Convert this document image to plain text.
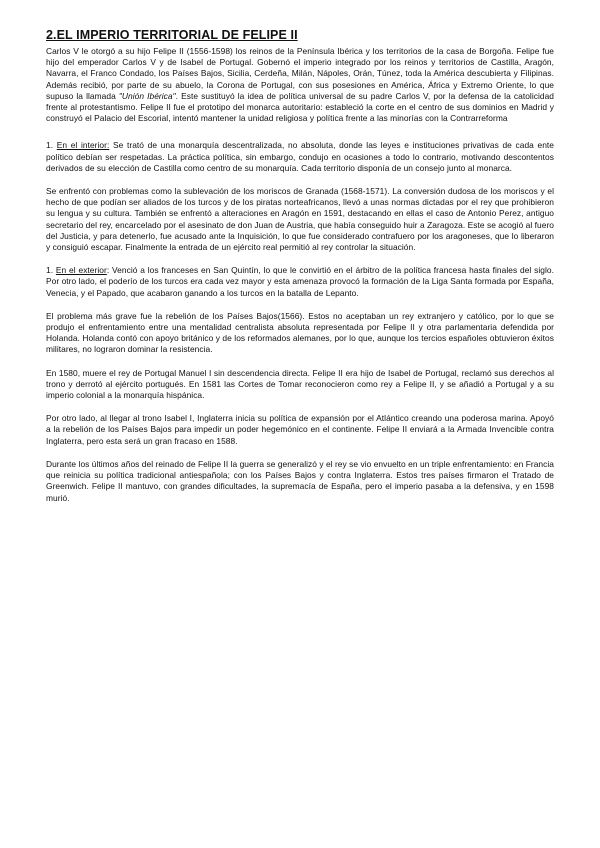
2.EL IMPERIO TERRITORIAL DE FELIPE II

Carlos V le otorgó a su hijo Felipe II (1556-1598) los reinos de la Península Ibérica y los territorios de la casa de Borgoña. Felipe fue hijo del emperador Carlos V y de Isabel de Portugal. Gobernó el imperio integrado por los reinos y territorios de Castilla, Aragón, Navarra, el Franco Condado, los Países Bajos, Sicilia, Cerdeña, Milán, Nápoles, Orán, Túnez, toda la América descubierta y Filipinas. Además recibió, por parte de su abuelo, la Corona de Portugal, con sus posesiones en América, África y Extremo Oriente, lo que supuso la llamada "Unión Ibérica". Este sustituyó la idea de política universal de su padre Carlos V, por la defensa de la catolicidad frente al protestantismo. Felipe II fue el prototipo del monarca autoritario: estableció la corte en el centro de sus dominios en Madrid y construyó el Palacio del Escorial, intentó mantener la unidad religiosa y política frente a las minorías con la Contrarreforma

1. En el interior: Se trató de una monarquía descentralizada, no absoluta, donde las leyes e instituciones privativas de cada ente político debían ser respetadas. La práctica política, sin embargo, condujo en ocasiones a todo lo contrario, motivando descontentos derivados de su elección de Castilla como centro de su monarquía. Cada territorio disponía de un consejo junto al monarca.

Se enfrentó con problemas como la sublevación de los moriscos de Granada (1568-1571). La conversión dudosa de los moriscos y el hecho de que podían ser aliados de los turcos y de los piratas norteafricanos, llevó a unas normas dictadas por el rey que prohibieron su lengua y su cultura. También se enfrentó a alteraciones en Aragón en 1591, destacando en ellas el caso de Antonio Perez, antiguo secretario del rey, encarcelado por el asesinato de don Juan de Austria, que había conseguido huir a Zaragoza. Este se acogió al fuero del Justicia, y para detenerlo, fue acusado ante la Inquisición, lo que fue considerado contrafuero por los aragoneses, que lo liberaron y consiguió escapar. Finalmente la entrada de un ejército real permitió al rey controlar la situación.

1. En el exterior: Venció a los franceses en San Quintín, lo que le convirtió en el árbitro de la política francesa hasta finales del siglo. Por otro lado, el poderío de los turcos era cada vez mayor y esta amenaza provocó la formación de la Liga Santa formada por España, Venecia, y el Papado, que acabaron ganando a los turcos en la batalla de Lepanto.

El problema más grave fue la rebelión de los Países Bajos(1566). Estos no aceptaban un rey extranjero y católico, por lo que se produjo el enfrentamiento entre una mentalidad centralista absoluta representada por Felipe II y otra parlamentaria defendida por Holanda. Holanda contó con apoyo británico y de los reformados alemanes, por lo que, aunque los tercios españoles obtuvieron éxitos militares, no lograron dominar la resistencia.

En 1580, muere el rey de Portugal Manuel I sin descendencia directa. Felipe II era hijo de Isabel de Portugal, reclamó sus derechos al trono y derrotó al ejército portugués. En 1581 las Cortes de Tomar reconocieron como rey a Felipe II, y se añadió a Portugal y a su imperio colonial a la monarquía hispánica.

Por otro lado, al llegar al trono Isabel I, Inglaterra inicia su política de expansión por el Atlántico creando una poderosa marina. Apoyó a la rebelión de los Países Bajos para impedir un poder hegemónico en el continente. Felipe II enviará a la Armada Invencible contra Inglaterra, pero esta será un gran fracaso en 1588.

Durante los últimos años del reinado de Felipe II la guerra se generalizó y el rey se vio envuelto en un triple enfrentamiento: en Francia que reinicia su política tradicional antiespañola; con los Países Bajos y contra Inglaterra. Estos tres países firmaron el Tratado de Greenwich. Felipe II mantuvo, con grandes dificultades, la supremacía de España, pero el imperio pasaba a la defensiva, y en 1598 murió.
